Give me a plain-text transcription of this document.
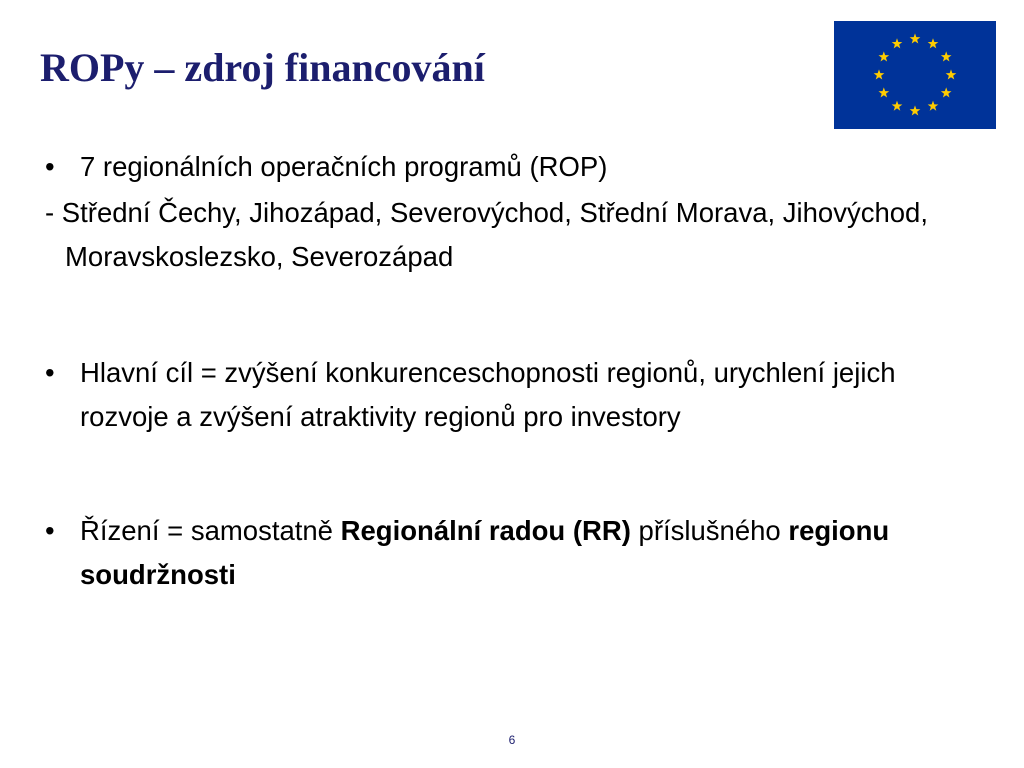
ROPy – zdroj financování

• 7 regionálních operačních programů (ROP)

- Střední Čechy, Jihozápad, Severovýchod, Střední Morava, Jihovýchod, Moravskoslezsko, Severozápad

• Hlavní cíl = zvýšení konkurenceschopnosti regionů, urychlení jejich rozvoje a zvýšení atraktivity regionů pro investory

• Řízení = samostatně Regionální radou (RR) příslušného regionu soudržnosti

6
